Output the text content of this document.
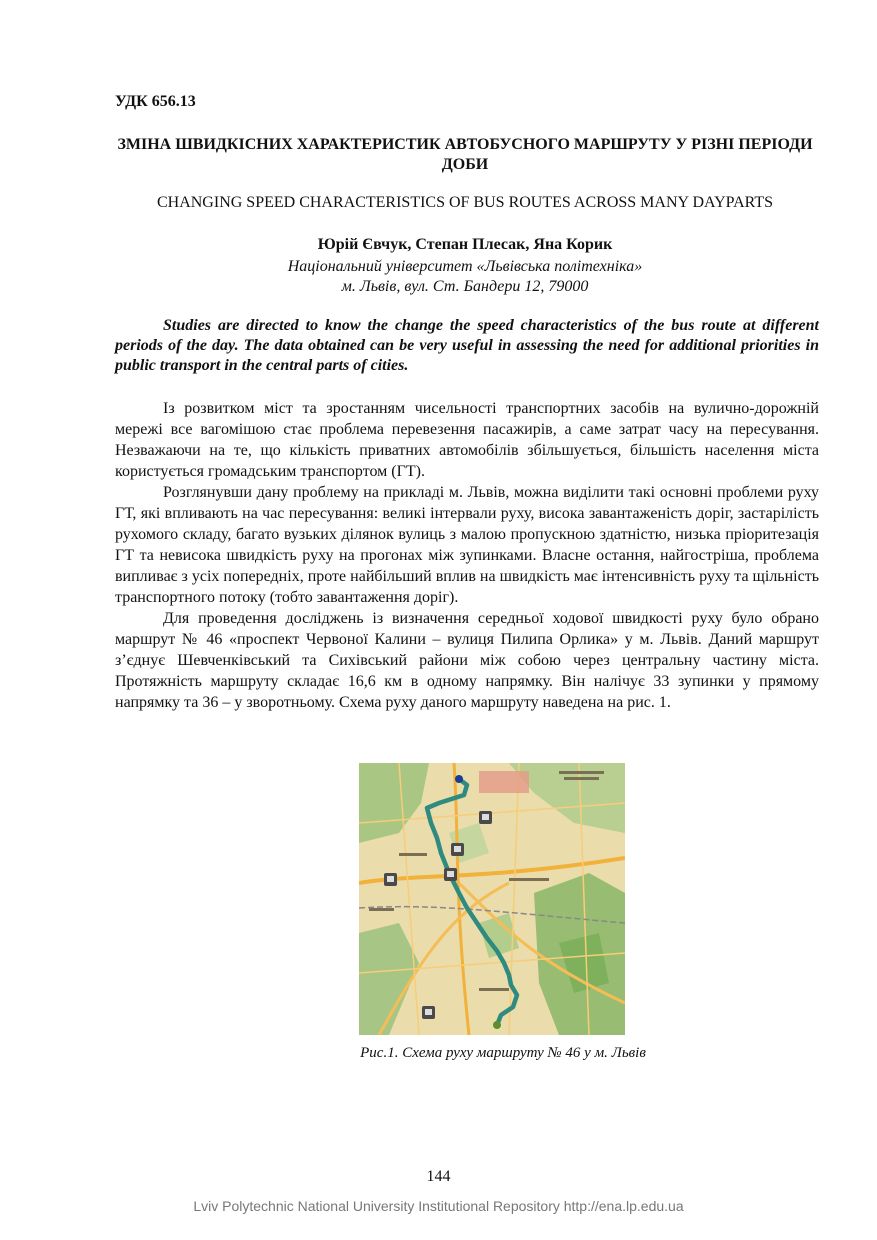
УДК 656.13
ЗМІНА ШВИДКІСНИХ ХАРАКТЕРИСТИК АВТОБУСНОГО МАРШРУТУ У РІЗНІ ПЕРІОДИ ДОБИ
CHANGING SPEED CHARACTERISTICS OF BUS ROUTES ACROSS MANY DAYPARTS
Юрій Євчук, Степан Плесак, Яна Корик
Національний університет «Львівська політехніка»
м. Львів, вул. Ст. Бандери 12, 79000

Studies are directed to know the change the speed characteristics of the bus route at different periods of the day. The data obtained can be very useful in assessing the need for additional priorities in public transport in the central parts of cities.

Із розвитком міст та зростанням чисельності транспортних засобів на вулично-дорожній мережі все вагомішою стає проблема перевезення пасажирів, а саме затрат часу на пересування. Незважаючи на те, що кількість приватних автомобілів збільшується, більшість населення міста користується громадським транспортом (ГТ).

Розглянувши дану проблему на прикладі м. Львів, можна виділити такі основні проблеми руху ГТ, які впливають на час пересування: великі інтервали руху, висока завантаженість доріг, застарілість рухомого складу, багато вузьких ділянок вулиць з малою пропускною здатністю, низька пріоритезація ГТ та невисока швидкість руху на прогонах між зупинками. Власне остання, найгостріша, проблема випливає з усіх попередніх, проте найбільший вплив на швидкість має інтенсивність руху та щільність транспортного потоку (тобто завантаження доріг).

Для проведення досліджень із визначення середньої ходової швидкості руху було обрано маршрут № 46 «проспект Червоної Калини – вулиця Пилипа Орлика» у м. Львів. Даний маршрут з’єднує Шевченківський та Сихівський райони між собою через центральну частину міста. Протяжність маршруту складає 16,6 км в одному напрямку. Він налічує 33 зупинки у прямому напрямку та 36 – у зворотньому. Схема руху даного маршруту наведена на рис. 1.

Рис.1. Схема руху маршруту № 46 у м. Львів
144
Lviv Polytechnic National University Institutional Repository http://ena.lp.edu.ua
